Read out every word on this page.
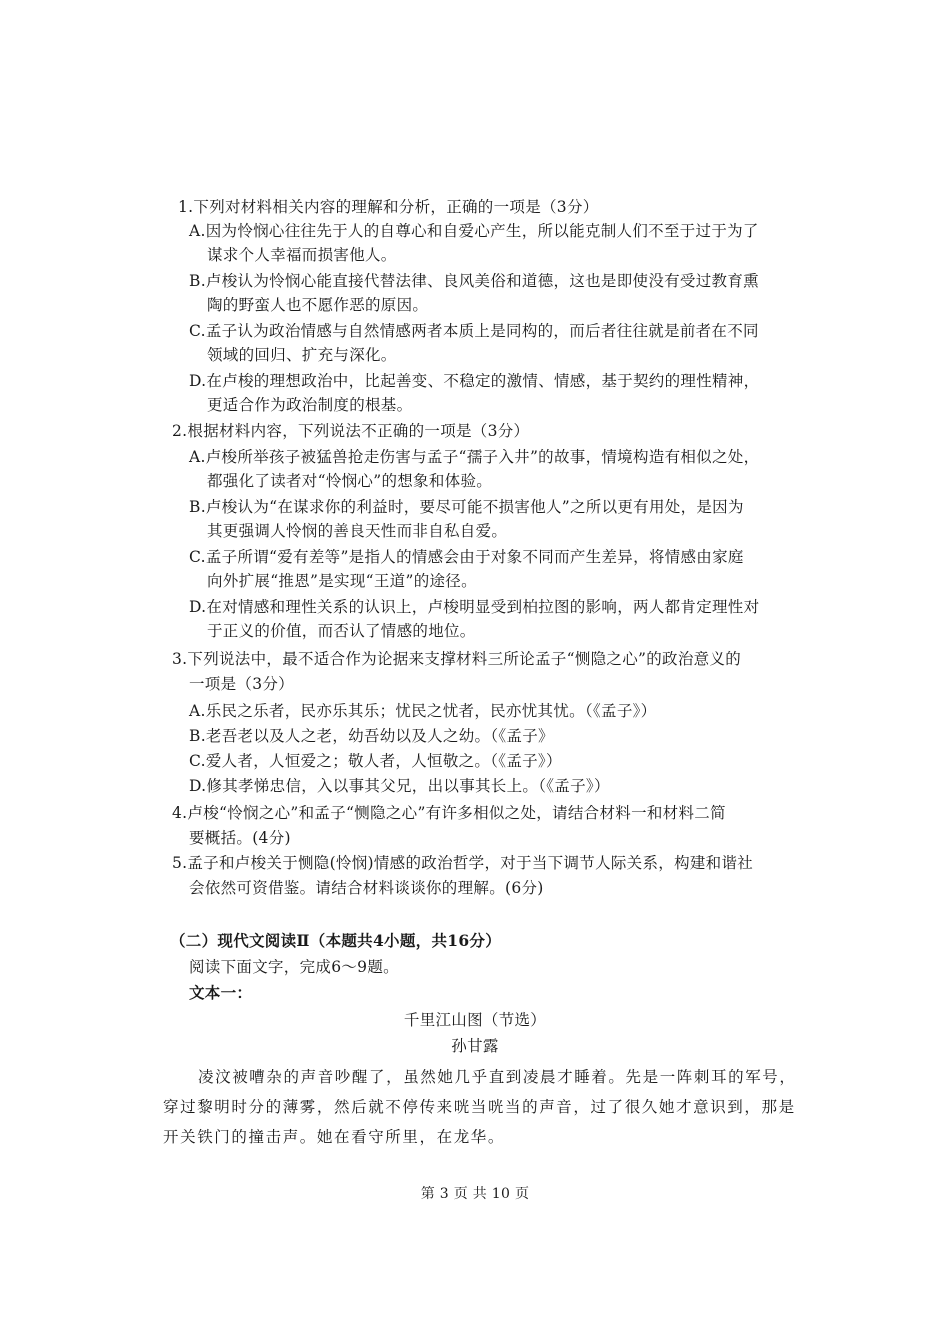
1.下列对材料相关内容的理解和分析，正确的一项是（3分）
A.因为怜悯心往往先于人的自尊心和自爱心产生，所以能克制人们不至于过于为了
谋求个人幸福而损害他人。
B.卢梭认为怜悯心能直接代替法律、良风美俗和道德，这也是即使没有受过教育熏
陶的野蛮人也不愿作恶的原因。
C.孟子认为政治情感与自然情感两者本质上是同构的，而后者往往就是前者在不同
领域的回归、扩充与深化。
D.在卢梭的理想政治中，比起善变、不稳定的激情、情感，基于契约的理性精神，
更适合作为政治制度的根基。
2.根据材料内容，下列说法不正确的一项是（3分）
A.卢梭所举孩子被猛兽抢走伤害与孟子“孺子入井”的故事，情境构造有相似之处，
都强化了读者对“怜悯心”的想象和体验。
B.卢梭认为“在谋求你的利益时，要尽可能不损害他人”之所以更有用处，是因为
其更强调人怜悯的善良天性而非自私自爱。
C.孟子所谓“爱有差等”是指人的情感会由于对象不同而产生差异，将情感由家庭
向外扩展“推恩”是实现“王道”的途径。
D.在对情感和理性关系的认识上，卢梭明显受到柏拉图的影响，两人都肯定理性对
于正义的价值，而否认了情感的地位。
3.下列说法中，最不适合作为论据来支撑材料三所论孟子“恻隐之心”的政治意义的
一项是（3分）
A.乐民之乐者，民亦乐其乐；忧民之忧者，民亦忧其忧。（《孟子》）
B.老吾老以及人之老，幼吾幼以及人之幼。（《孟子》
C.爱人者，人恒爱之；敬人者，人恒敬之。（《孟子》）
D.修其孝悌忠信，入以事其父兄，出以事其长上。（《孟子》）
4.卢梭“怜悯之心”和孟子“恻隐之心”有许多相似之处，请结合材料一和材料二简
要概括。(4分)
5.孟子和卢梭关于恻隐(怜悯)情感的政治哲学，对于当下调节人际关系，构建和谐社
会依然可资借鉴。请结合材料谈谈你的理解。(6分)
（二）现代文阅读Ⅱ（本题共4小题，共16分）
阅读下面文字，完成6～9题。
文本一：
千里江山图（节选）
孙甘露
凌汶被嘈杂的声音吵醒了，虽然她几乎直到凌晨才睡着。先是一阵刺耳的军号，
穿过黎明时分的薄雾，然后就不停传来咣当咣当的声音，过了很久她才意识到，那是
开关铁门的撞击声。她在看守所里，在龙华。
第 3 页 共 10 页
